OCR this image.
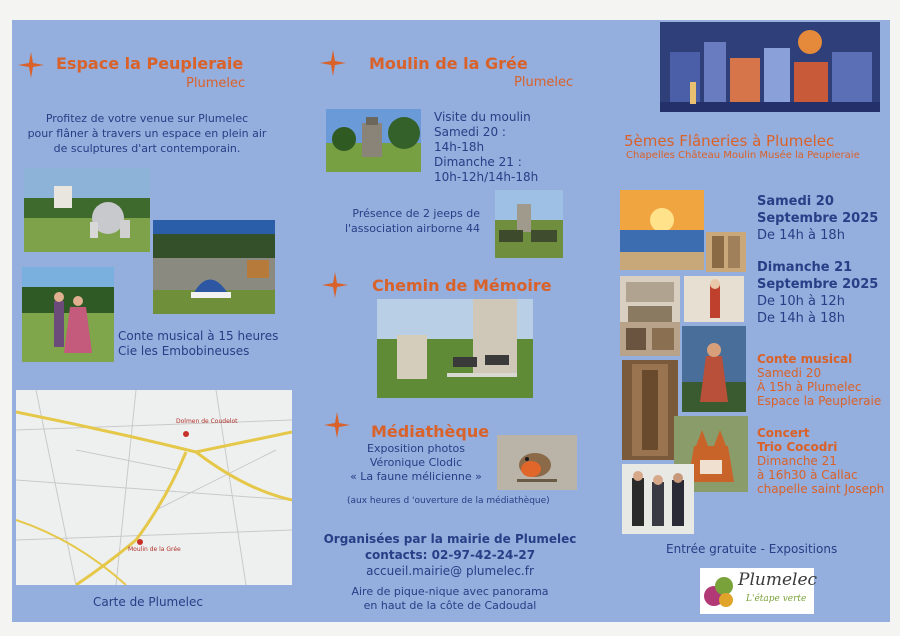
Espace la Peupleraie
Plumelec
Profitez de votre venue sur Plumelec
pour flâner à travers un espace en plein air
de sculptures d'art contemporain.
Conte musical à 15 heures
Cie les Embobineuses
Dolmen de Coudelot
Moulin de la Grée
Carte de Plumelec
Moulin de la Grée
Plumelec
Visite du moulin
Samedi 20 :
14h-18h
Dimanche 21 :
10h-12h/14h-18h
Présence de 2 jeeps de
l'association airborne 44
Chemin de Mémoire
Médiathèque
Exposition photos
Véronique Clodic
« La faune mélicienne »
(aux heures d 'ouverture de la médiathèque)
Organisées par la mairie de Plumelec
contacts: 02-97-42-24-27
accueil.mairie@ plumelec.fr
Aire de pique-nique avec panorama
en haut de la côte de Cadoudal
5èmes Flâneries à Plumelec
Chapelles Château Moulin Musée la Peupleraie
Samedi 20
Septembre 2025
De 14h à 18h
Dimanche 21
Septembre 2025
De 10h à 12h
De 14h à 18h
Conte musical
Samedi 20
À 15h à Plumelec
Espace la Peupleraie
Concert
Trio Cocodri
Dimanche 21
à 16h30 à Callac
chapelle saint Joseph
Entrée gratuite - Expositions
Plumelec
L'étape verte
